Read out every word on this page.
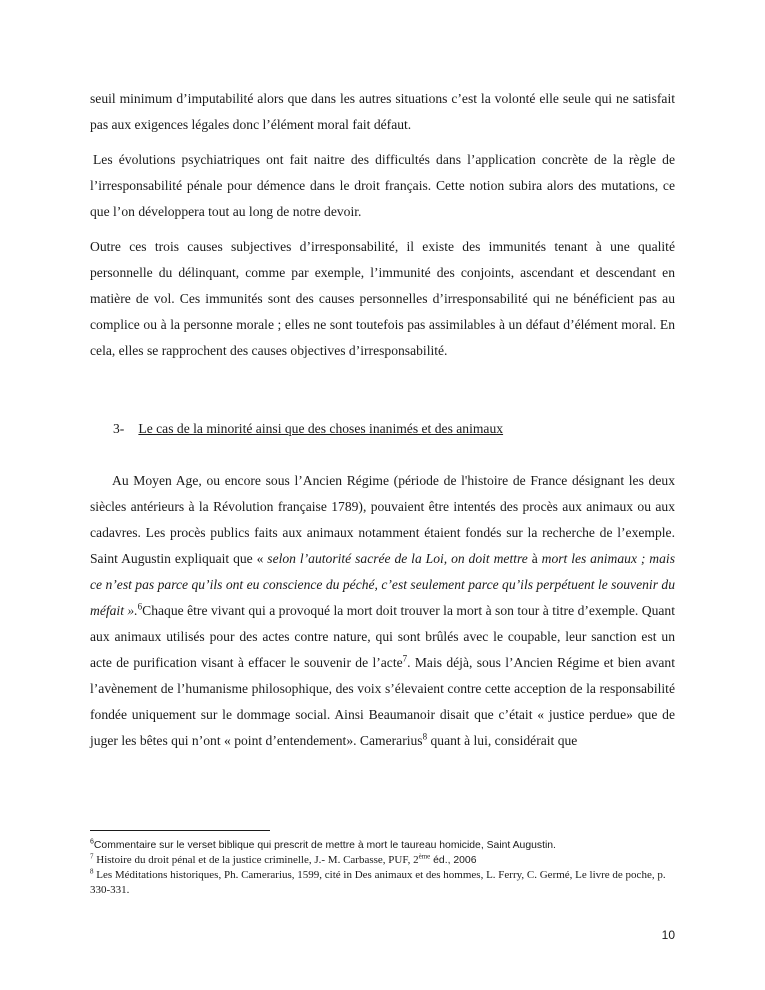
seuil minimum d’imputabilité alors que dans les autres situations c’est la volonté elle seule qui ne satisfait pas aux exigences légales donc l’élément moral fait défaut.

Les évolutions psychiatriques ont fait naitre des difficultés dans l’application concrète de la règle de l’irresponsabilité pénale pour démence dans le droit français. Cette notion subira alors des mutations, ce que l’on développera tout au long de notre devoir.

Outre ces trois causes subjectives d’irresponsabilité, il existe des immunités tenant à une qualité personnelle du délinquant, comme par exemple, l’immunité des conjoints, ascendant et descendant en matière de vol. Ces immunités sont des causes personnelles d’irresponsabilité qui ne bénéficient pas au complice ou à la personne morale ; elles ne sont toutefois pas assimilables à un défaut d’élément moral. En cela, elles se rapprochent des causes objectives d’irresponsabilité.

3- Le cas de la minorité ainsi que des choses inanimés et des animaux

Au Moyen Age, ou encore sous l’Ancien Régime (période de l'histoire de France désignant les deux siècles antérieurs à la Révolution française 1789), pouvaient être intentés des procès aux animaux ou aux cadavres. Les procès publics faits aux animaux notamment étaient fondés sur la recherche de l’exemple. Saint Augustin expliquait que « selon l’autorité sacrée de la Loi, on doit mettre à mort les animaux ; mais ce n’est pas parce qu’ils ont eu conscience du péché, c’est seulement parce qu’ils perpétuent le souvenir du méfait ».$^6$Chaque être vivant qui a provoqué la mort doit trouver la mort à son tour à titre d’exemple. Quant aux animaux utilisés pour des actes contre nature, qui sont brûlés avec le coupable, leur sanction est un acte de purification visant à effacer le souvenir de l’acte$^7$. Mais déjà, sous l’Ancien Régime et bien avant l’avènement de l’humanisme philosophique, des voix s’élevaient contre cette acception de la responsabilité fondée uniquement sur le dommage social. Ainsi Beaumanoir disait que c’était « justice perdue» que de juger les bêtes qui n’ont « point d’entendement». Camerarius$^8$ quant à lui, considérait que

$^6$Commentaire sur le verset biblique qui prescrit de mettre à mort le taureau homicide, Saint Augustin.

$^7$ Histoire du droit pénal et de la justice criminelle, J.- M. Carbasse, PUF, 2ème éd., 2006

$^8$ Les Méditations historiques, Ph. Camerarius, 1599, cité in Des animaux et des hommes, L. Ferry, C. Germé, Le livre de poche, p. 330-331.

10
